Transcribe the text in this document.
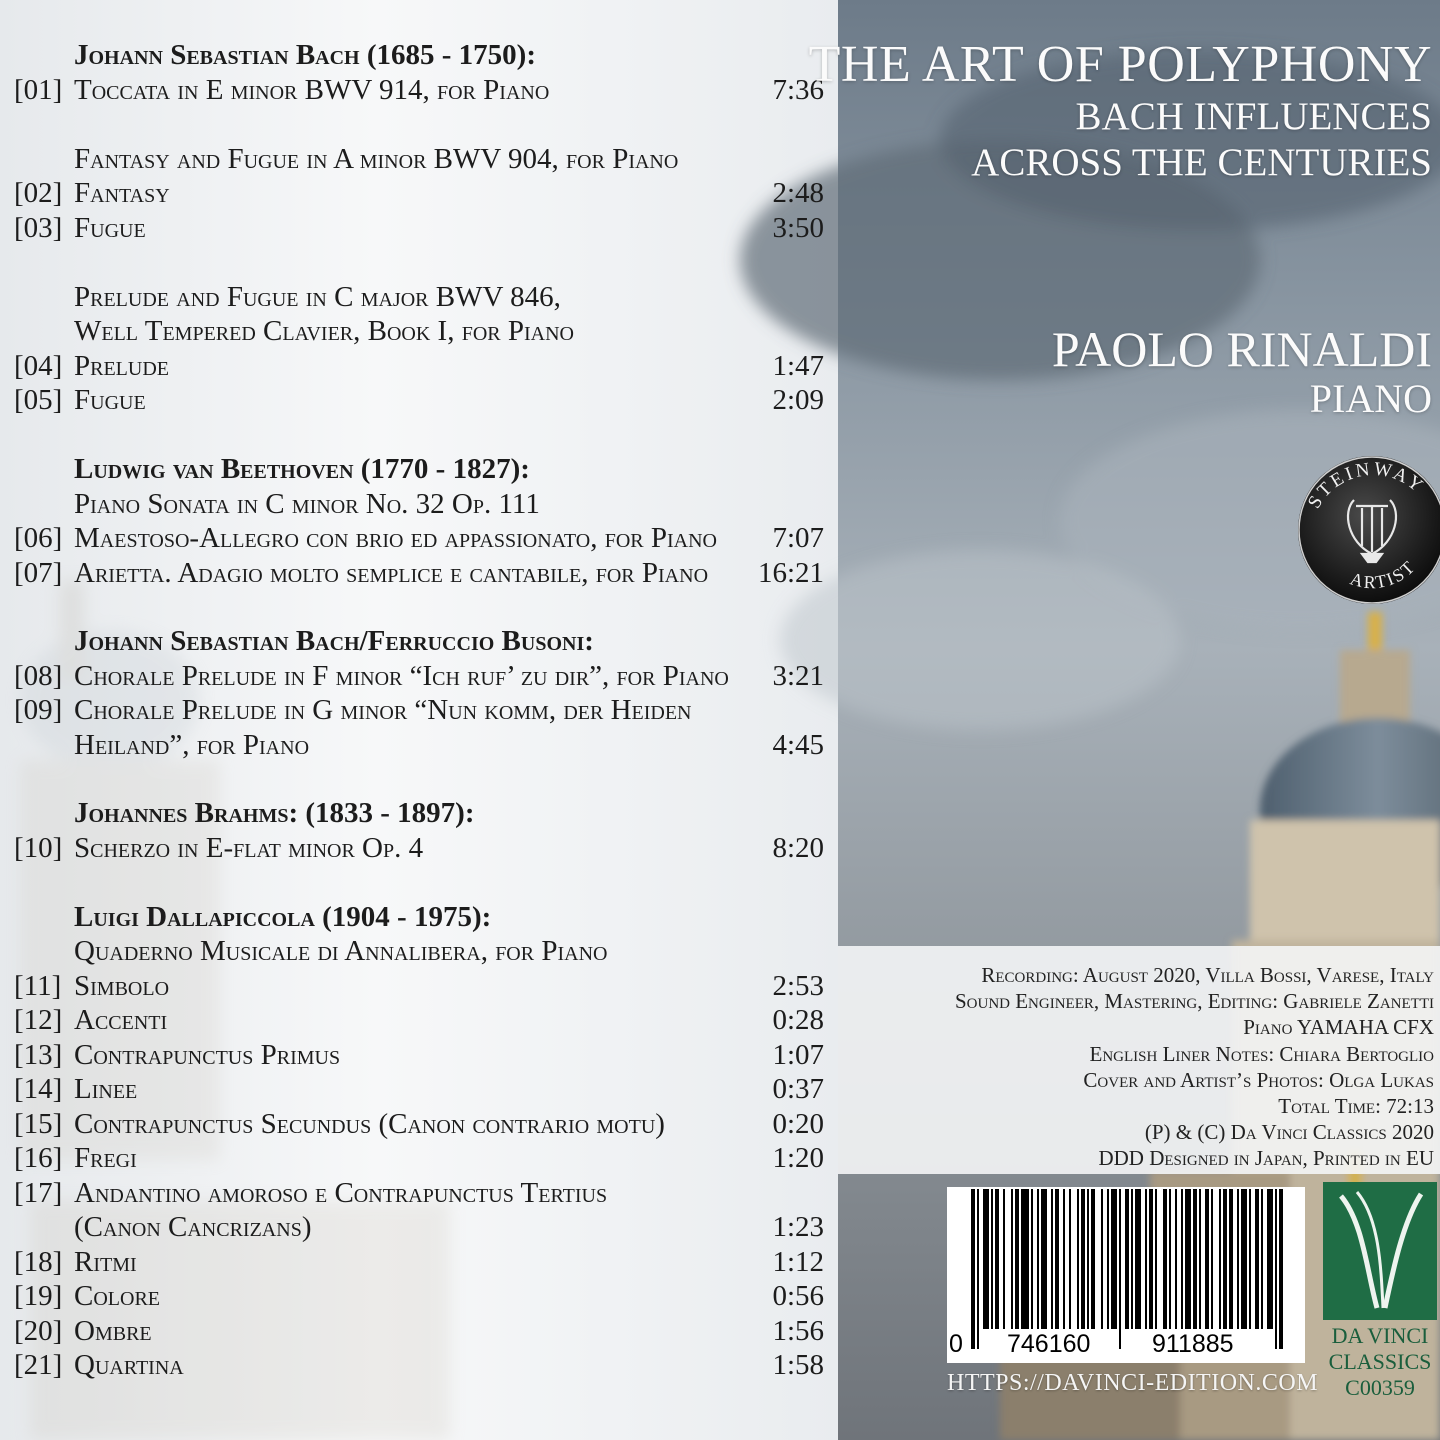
Johann Sebastian Bach (1685 - 1750):
[01] Toccata in E minor BWV 914, for Piano	7:36
Fantasy and Fugue in A minor BWV 904, for Piano
[02] Fantasy	2:48
[03] Fugue	3:50
Prelude and Fugue in C major BWV 846,
Well Tempered Clavier, Book I, for Piano
[04] Prelude	1:47
[05] Fugue	2:09
Ludwig van Beethoven (1770 - 1827):
Piano Sonata in C minor No. 32 Op. 111
[06] Maestoso-Allegro con brio ed appassionato, for Piano 7:07
[07] Arietta. Adagio molto semplice e cantabile, for Piano 16:21
Johann Sebastian Bach/Ferruccio Busoni:
[08] Chorale Prelude in F minor “Ich ruf’ zu dir”, for Piano 3:21
[09] Chorale Prelude in G minor “Nun komm, der Heiden
Heiland”, for Piano	4:45
Johannes Brahms: (1833 - 1897):
[10] Scherzo in E-flat minor Op. 4	8:20
Luigi Dallapiccola (1904 - 1975):
Quaderno Musicale di Annalibera, for Piano
[11] Simbolo	2:53
[12] Accenti	0:28
[13] Contrapunctus Primus	1:07
[14] Linee	0:37
[15] Contrapunctus Secundus (Canon contrario motu)	0:20
[16] Fregi	1:20
[17] Andantino amoroso e Contrapunctus Tertius
(Canon Cancrizans)	1:23
[18] Ritmi	1:12
[19] Colore	0:56
[20] Ombre	1:56
[21] Quartina	1:58
THE ART OF POLYPHONY
BACH INFLUENCES
ACROSS THE CENTURIES
PAOLO RINALDI
PIANO
STEINWAY
ARTIST
Recording: August 2020, Villa Bossi, Varese, Italy
Sound Engineer, Mastering, Editing: Gabriele Zanetti
Piano YAMAHA CFX
English Liner Notes: Chiara Bertoglio
Cover and Artist’s Photos: Olga Lukas
Total Time: 72:13
(P) & (C) Da Vinci Classics 2020
DDD Designed in Japan, Printed in EU
0 746160 911885
HTTPS://DAVINCI-EDITION.COM
DA VINCI
CLASSICS
C00359
